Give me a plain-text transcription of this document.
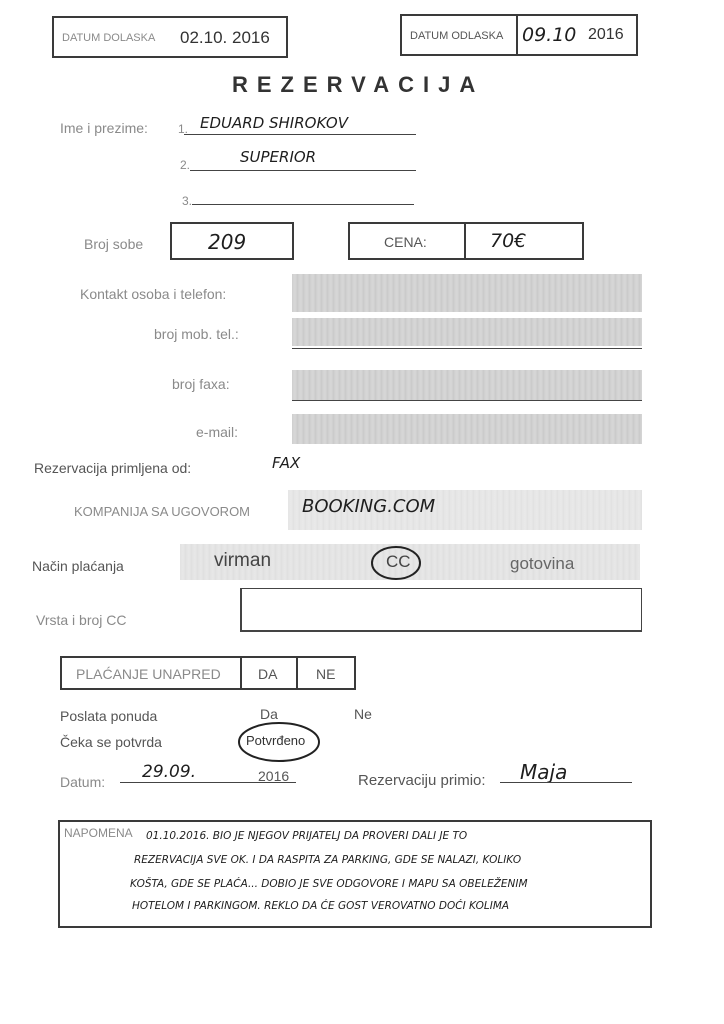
DATUM DOLASKA 02.10. 2016	DATUM ODLASKA 09.10 2016
REZERVACIJA
Ime i prezime:	1. EDUARD SHIROKOV
2.	SUPERIOR
3.
Broj sobe	209	CENA:	70€
Kontakt osoba i telefon:
broj mob. tel.:
broj faxa:
e-mail:
Rezervacija primljena od:	FAX
KOMPANIJA SA UGOVOROM	BOOKING.COM
Način plaćanja	virman	CC	gotovina
Vrsta i broj CC
PLAĆANJE UNAPRED	DA	NE
Poslata ponuda	Da	Ne
Čeka se potvrda	Potvrđeno
Datum: 29.09.	2016	Rezervaciju primio: Maja
NAPOMENA 01.10.2016. BIO JE NJEGOV PRIJATELJ DA PROVERI DALI JE TO
REZERVACIJA SVE OK. I DA RASPITA ZA PARKING, GDE SE NALAZI, KOLIKO
KOŠTA, GDE SE PLAĆA... DOBIO JE SVE ODGOVORE I MAPU SA OBELEŽENIM
HOTELOM I PARKINGOM. REKLO DA ĆE GOST VEROVATNO DOĆI KOLIMA
